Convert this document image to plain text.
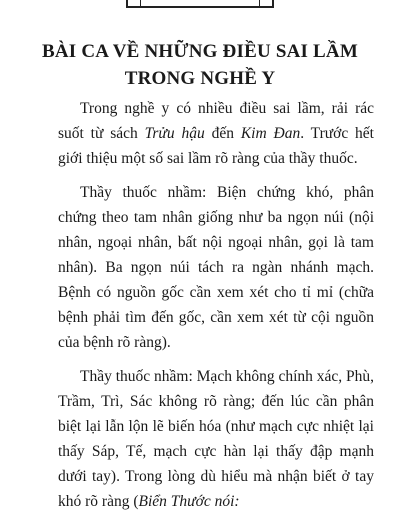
BÀI CA VỀ NHỮNG ĐIỀU SAI LẦM
TRONG NGHỀ Y

Trong nghề y có nhiều điều sai lầm, rải rác suốt từ sách Trửu hậu đến Kim Đan. Trước hết giới thiệu một số sai lầm rõ ràng của thầy thuốc.

Thầy thuốc nhầm: Biện chứng khó, phân chứng theo tam nhân giống như ba ngọn núi (nội nhân, ngoại nhân, bất nội ngoại nhân, gọi là tam nhân). Ba ngọn núi tách ra ngàn nhánh mạch. Bệnh có nguồn gốc cần xem xét cho tỉ mỉ (chữa bệnh phải tìm đến gốc, cần xem xét từ cội nguồn của bệnh rõ ràng).

Thầy thuốc nhầm: Mạch không chính xác, Phù, Trầm, Trì, Sác không rõ ràng; đến lúc cần phân biệt lại lẫn lộn lẽ biến hóa (như mạch cực nhiệt lại thấy Sáp, Tế, mạch cực hàn lại thấy đập mạnh dưới tay). Trong lòng dù hiểu mà nhận biết ở tay khó rõ ràng (Biển Thước nói:
